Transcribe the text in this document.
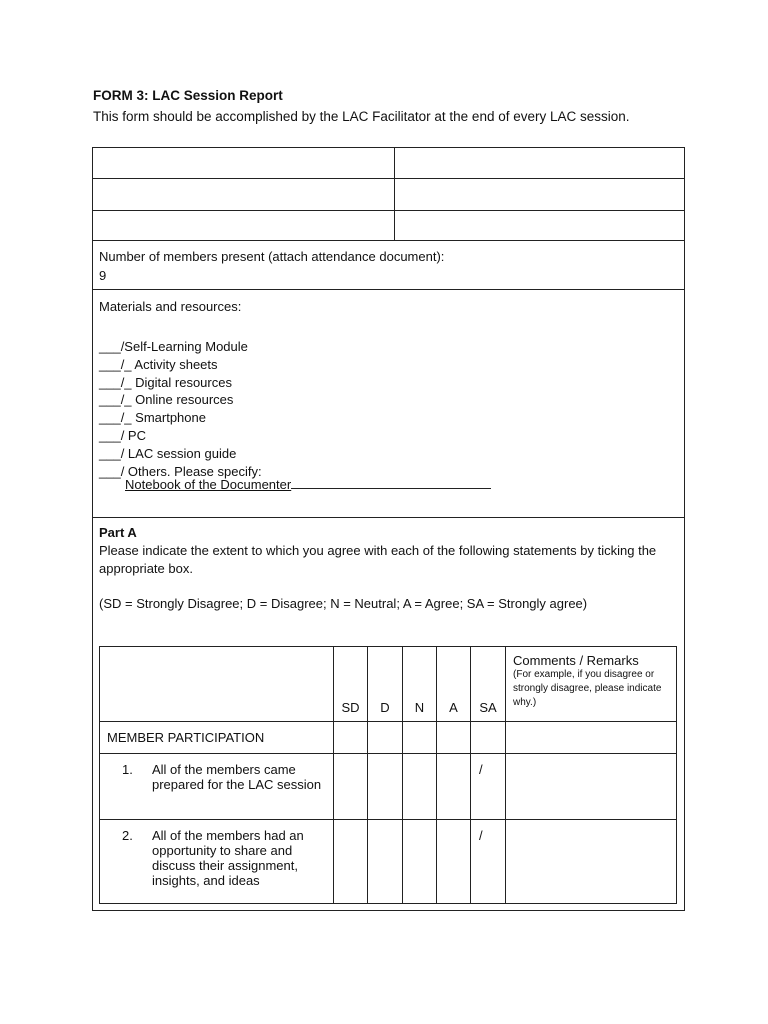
FORM 3: LAC Session Report
This form should be accomplished by the LAC Facilitator at the end of every LAC session.
Number of members present (attach attendance document):
9
Materials and resources:
___/Self-Learning Module
___/_ Activity sheets
___/_ Digital resources
___/_ Online resources
___/_ Smartphone
___/ PC
___/ LAC session guide
___/ Others. Please specify:
Notebook of the Documenter
Part A
Please indicate the extent to which you agree with each of the following statements by ticking the appropriate box.
(SD = Strongly Disagree; D = Disagree; N = Neutral; A = Agree; SA = Strongly agree)
	SD	D	N	A	SA	Comments / Remarks
(For example, if you disagree or strongly disagree, please indicate why.)

MEMBER PARTICIPATION						

1. All of the members came prepared for the LAC session					/	

2. All of the members had an opportunity to share and discuss their assignment, insights, and ideas					/	
